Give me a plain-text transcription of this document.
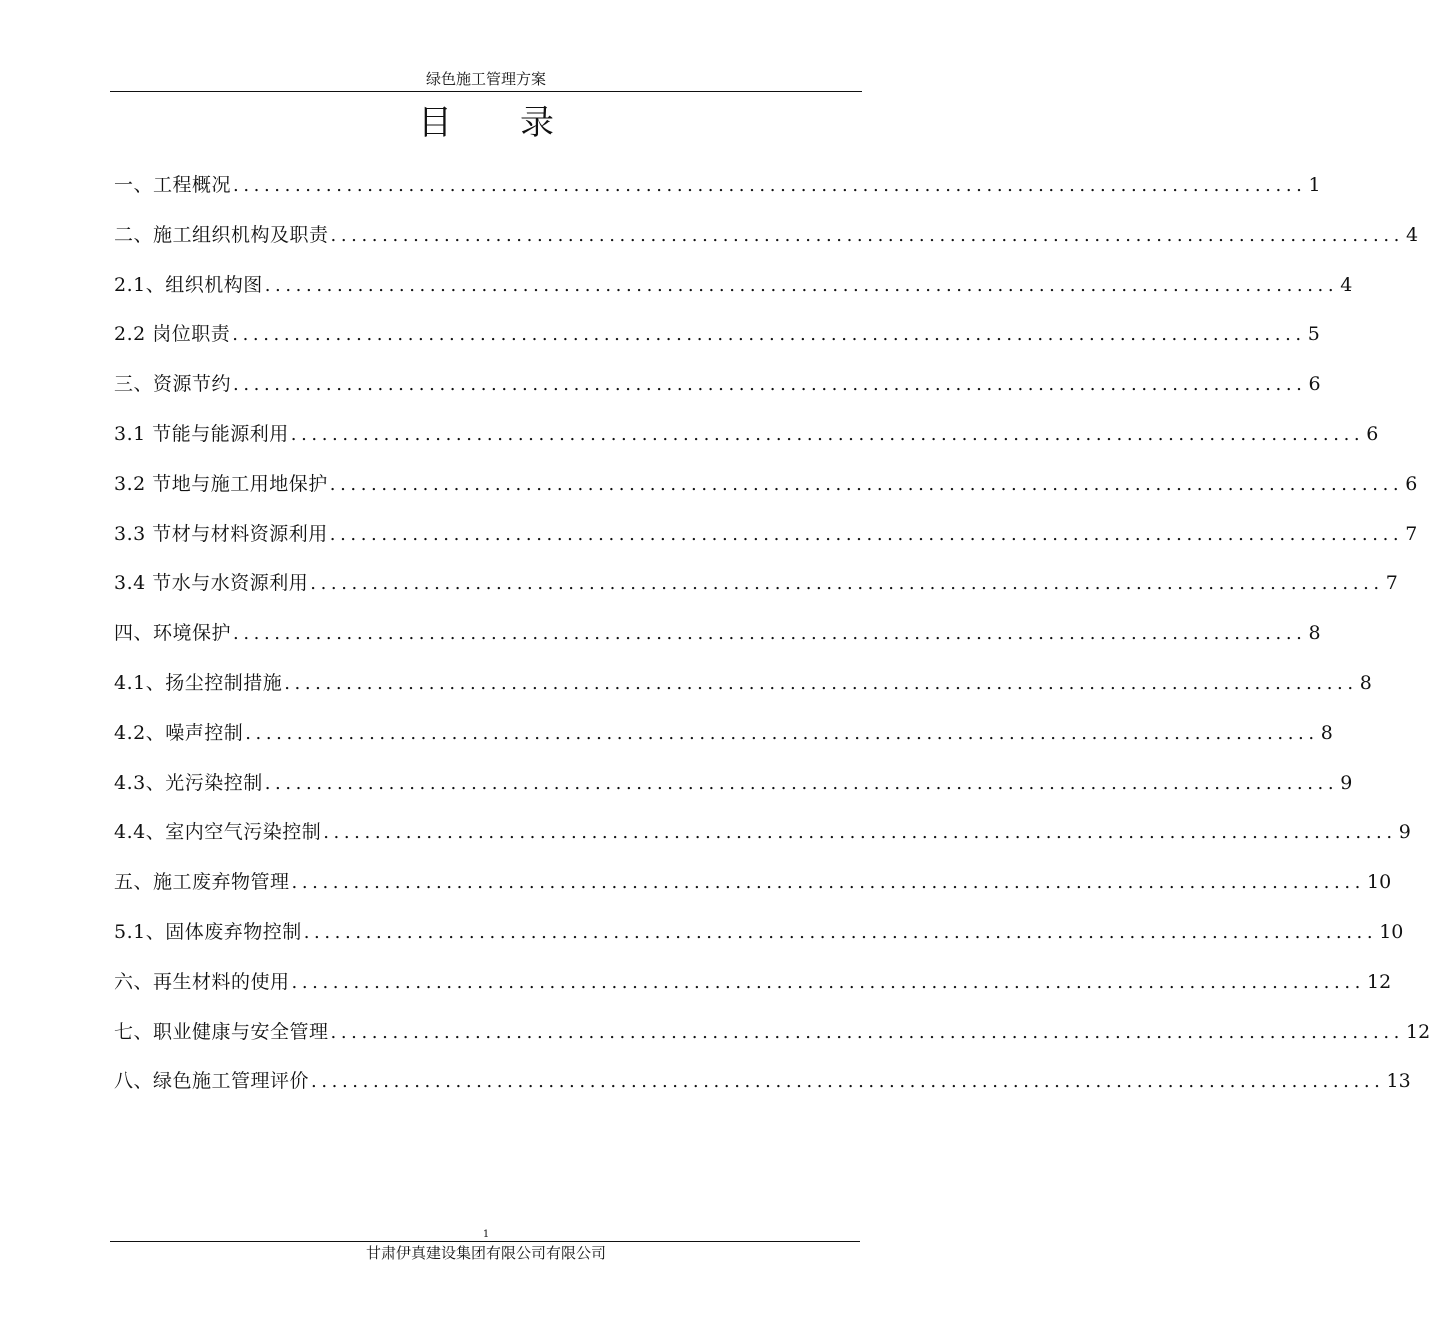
绿色施工管理方案
目录
一、工程概况 ........................................................................................................ 1
二、施工组织机构及职责 ........................................................................................................ 4
2.1、组织机构图 ........................................................................................................ 4
2.2 岗位职责 ........................................................................................................ 5
三、资源节约 ........................................................................................................ 6
3.1 节能与能源利用 ........................................................................................................ 6
3.2 节地与施工用地保护 ........................................................................................................ 6
3.3 节材与材料资源利用 ........................................................................................................ 7
3.4 节水与水资源利用 ........................................................................................................ 7
四、环境保护 ........................................................................................................ 8
4.1、扬尘控制措施 ........................................................................................................ 8
4.2、噪声控制 ........................................................................................................ 8
4.3、光污染控制 ........................................................................................................ 9
4.4、室内空气污染控制 ........................................................................................................ 9
五、施工废弃物管理 ........................................................................................................ 10
5.1、固体废弃物控制 ........................................................................................................ 10
六、再生材料的使用 ........................................................................................................ 12
七、职业健康与安全管理 ........................................................................................................ 12
八、绿色施工管理评价 ........................................................................................................ 13
1
甘肃伊真建设集团有限公司有限公司
